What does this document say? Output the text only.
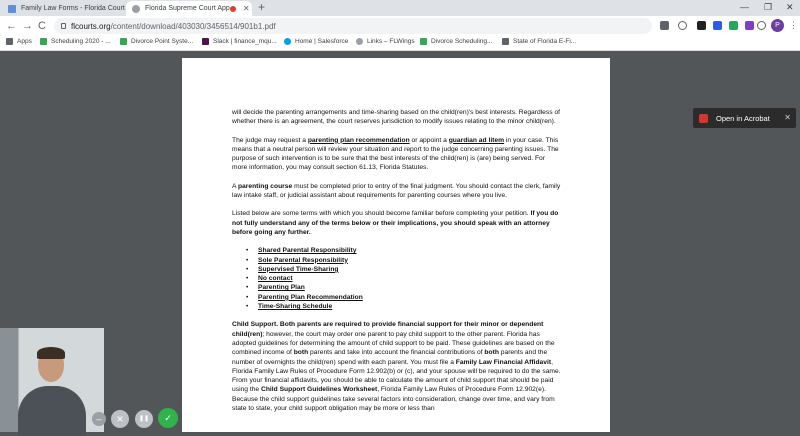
Family Law Forms - Florida Court	Florida Supreme Court App ✕ +	— ❐ ✕
← → C	flcourts.org /content/download/403030/3456514/901b1.pdf	P	⋮
Apps	Scheduling 2020 - ...	Divorce Point Syste...	Slack | finance_mqu...	Home | Salesforce	Links – FLWings	Divorce Scheduling...	State of Florida E-Fi...

will decide the parenting arrangements and time-sharing based on the child(ren)'s best interests. Regardless of whether there is an agreement, the court reserves jurisdiction to modify issues relating to the minor child(ren).

The judge may request a parenting plan recommendation or appoint a guardian ad litem in your case. This means that a neutral person will review your situation and report to the judge concerning parenting issues. The purpose of such intervention is to be sure that the best interests of the child(ren) is (are) being served. For more information, you may consult section 61.13, Florida Statutes.

A parenting course must be completed prior to entry of the final judgment. You should contact the clerk, family law intake staff, or judicial assistant about requirements for parenting courses where you live.

Listed below are some terms with which you should become familiar before completing your petition. If you do not fully understand any of the terms below or their implications, you should speak with an attorney before going any further.

• Shared Parental Responsibility
• Sole Parental Responsibility
• Supervised Time-Sharing
• No contact
• Parenting Plan
• Parenting Plan Recommendation
• Time-Sharing Schedule

Child Support. Both parents are required to provide financial support for their minor or dependent child(ren); however, the court may order one parent to pay child support to the other parent. Florida has adopted guidelines for determining the amount of child support to be paid. These guidelines are based on the combined income of both parents and take into account the financial contributions of both parents and the number of overnights the child(ren) spend with each parent. You must file a Family Law Financial Affidavit, Florida Family Law Rules of Procedure Form 12.902(b) or (c), and your spouse will be required to do the same. From your financial affidavits, you should be able to calculate the amount of child support that should be paid using the Child Support Guidelines Worksheet, Florida Family Law Rules of Procedure Form 12.902(e). Because the child support guidelines take several factors into consideration, change over time, and vary from state to state, your child support obligation may be more or less than

Open in Acrobat ✕
–	✕	❚❚	✓
